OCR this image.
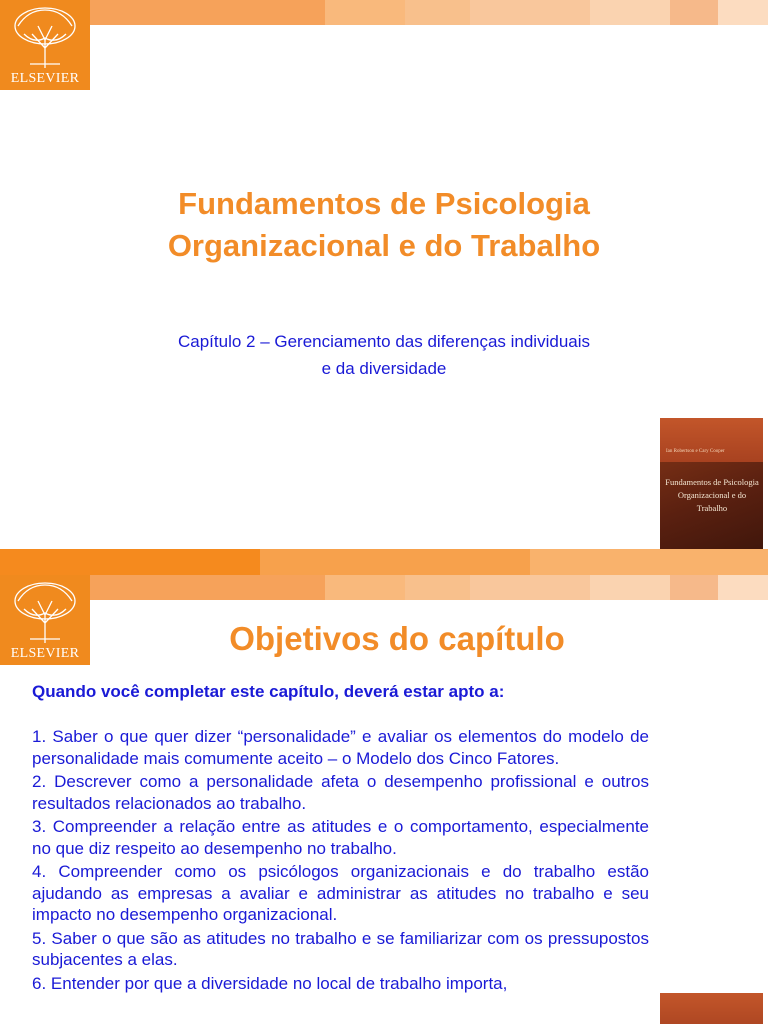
ELSEVIER
Fundamentos de Psicologia
Organizacional e do Trabalho
Capítulo 2 – Gerenciamento das diferenças individuais
e da diversidade
Ian Robertson e Cary Cooper
Fundamentos de Psicologia
Organizacional e do Trabalho
ELSEVIER	Objetivos do capítulo
Quando você completar este capítulo, deverá estar apto a:
1. Saber o que quer dizer “personalidade” e avaliar os elementos do modelo de personalidade mais comumente aceito – o Modelo dos Cinco Fatores.
2. Descrever como a personalidade afeta o desempenho profissional e outros resultados relacionados ao trabalho.
3. Compreender a relação entre as atitudes e o comportamento, especialmente no que diz respeito ao desempenho no trabalho.
4. Compreender como os psicólogos organizacionais e do trabalho estão ajudando as empresas a avaliar e administrar as atitudes no trabalho e seu impacto no desempenho organizacional.
5. Saber o que são as atitudes no trabalho e se familiarizar com os pressupostos subjacentes a elas.
6. Entender por que a diversidade no local de trabalho importa,
